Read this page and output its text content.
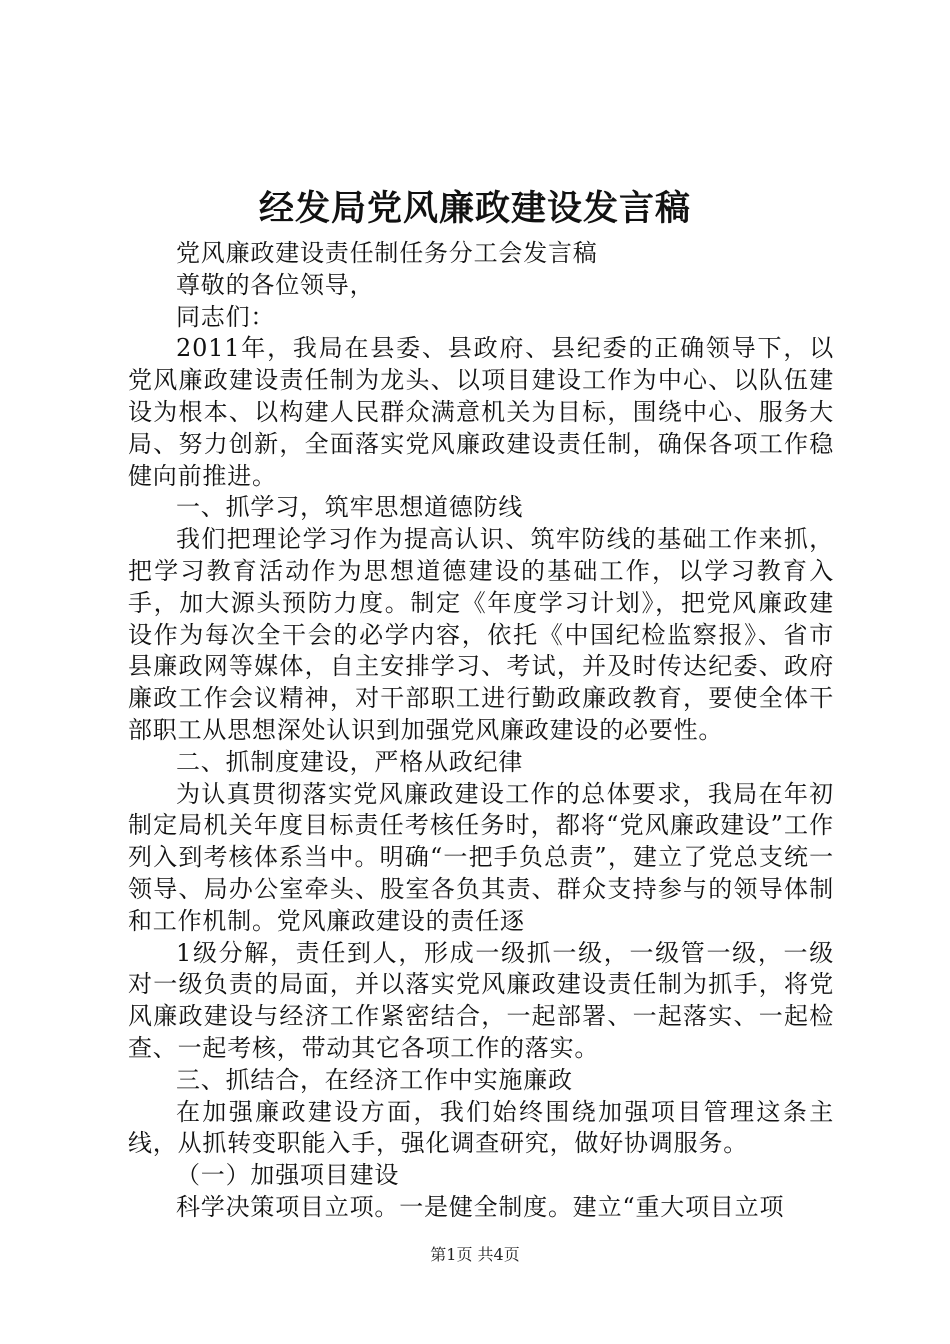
经发局党风廉政建设发言稿

党风廉政建设责任制任务分工会发言稿

尊敬的各位领导，

同志们：

2011年，我局在县委、县政府、县纪委的正确领导下，以党风廉政建设责任制为龙头、以项目建设工作为中心、以队伍建设为根本、以构建人民群众满意机关为目标，围绕中心、服务大局、努力创新，全面落实党风廉政建设责任制，确保各项工作稳健向前推进。

一、抓学习，筑牢思想道德防线

我们把理论学习作为提高认识、筑牢防线的基础工作来抓，把学习教育活动作为思想道德建设的基础工作，以学习教育入手，加大源头预防力度。制定《年度学习计划》，把党风廉政建设作为每次全干会的必学内容，依托《中国纪检监察报》、省市县廉政网等媒体，自主安排学习、考试，并及时传达纪委、政府廉政工作会议精神，对干部职工进行勤政廉政教育，要使全体干部职工从思想深处认识到加强党风廉政建设的必要性。

二、抓制度建设，严格从政纪律

为认真贯彻落实党风廉政建设工作的总体要求，我局在年初制定局机关年度目标责任考核任务时，都将“党风廉政建设”工作列入到考核体系当中。明确“一把手负总责”，建立了党总支统一领导、局办公室牵头、股室各负其责、群众支持参与的领导体制和工作机制。党风廉政建设的责任逐

1级分解，责任到人，形成一级抓一级，一级管一级，一级对一级负责的局面，并以落实党风廉政建设责任制为抓手，将党风廉政建设与经济工作紧密结合，一起部署、一起落实、一起检查、一起考核，带动其它各项工作的落实。

三、抓结合，在经济工作中实施廉政

在加强廉政建设方面，我们始终围绕加强项目管理这条主线，从抓转变职能入手，强化调查研究，做好协调服务。

（一）加强项目建设

科学决策项目立项。一是健全制度。建立“重大项目立项

第1页 共4页
